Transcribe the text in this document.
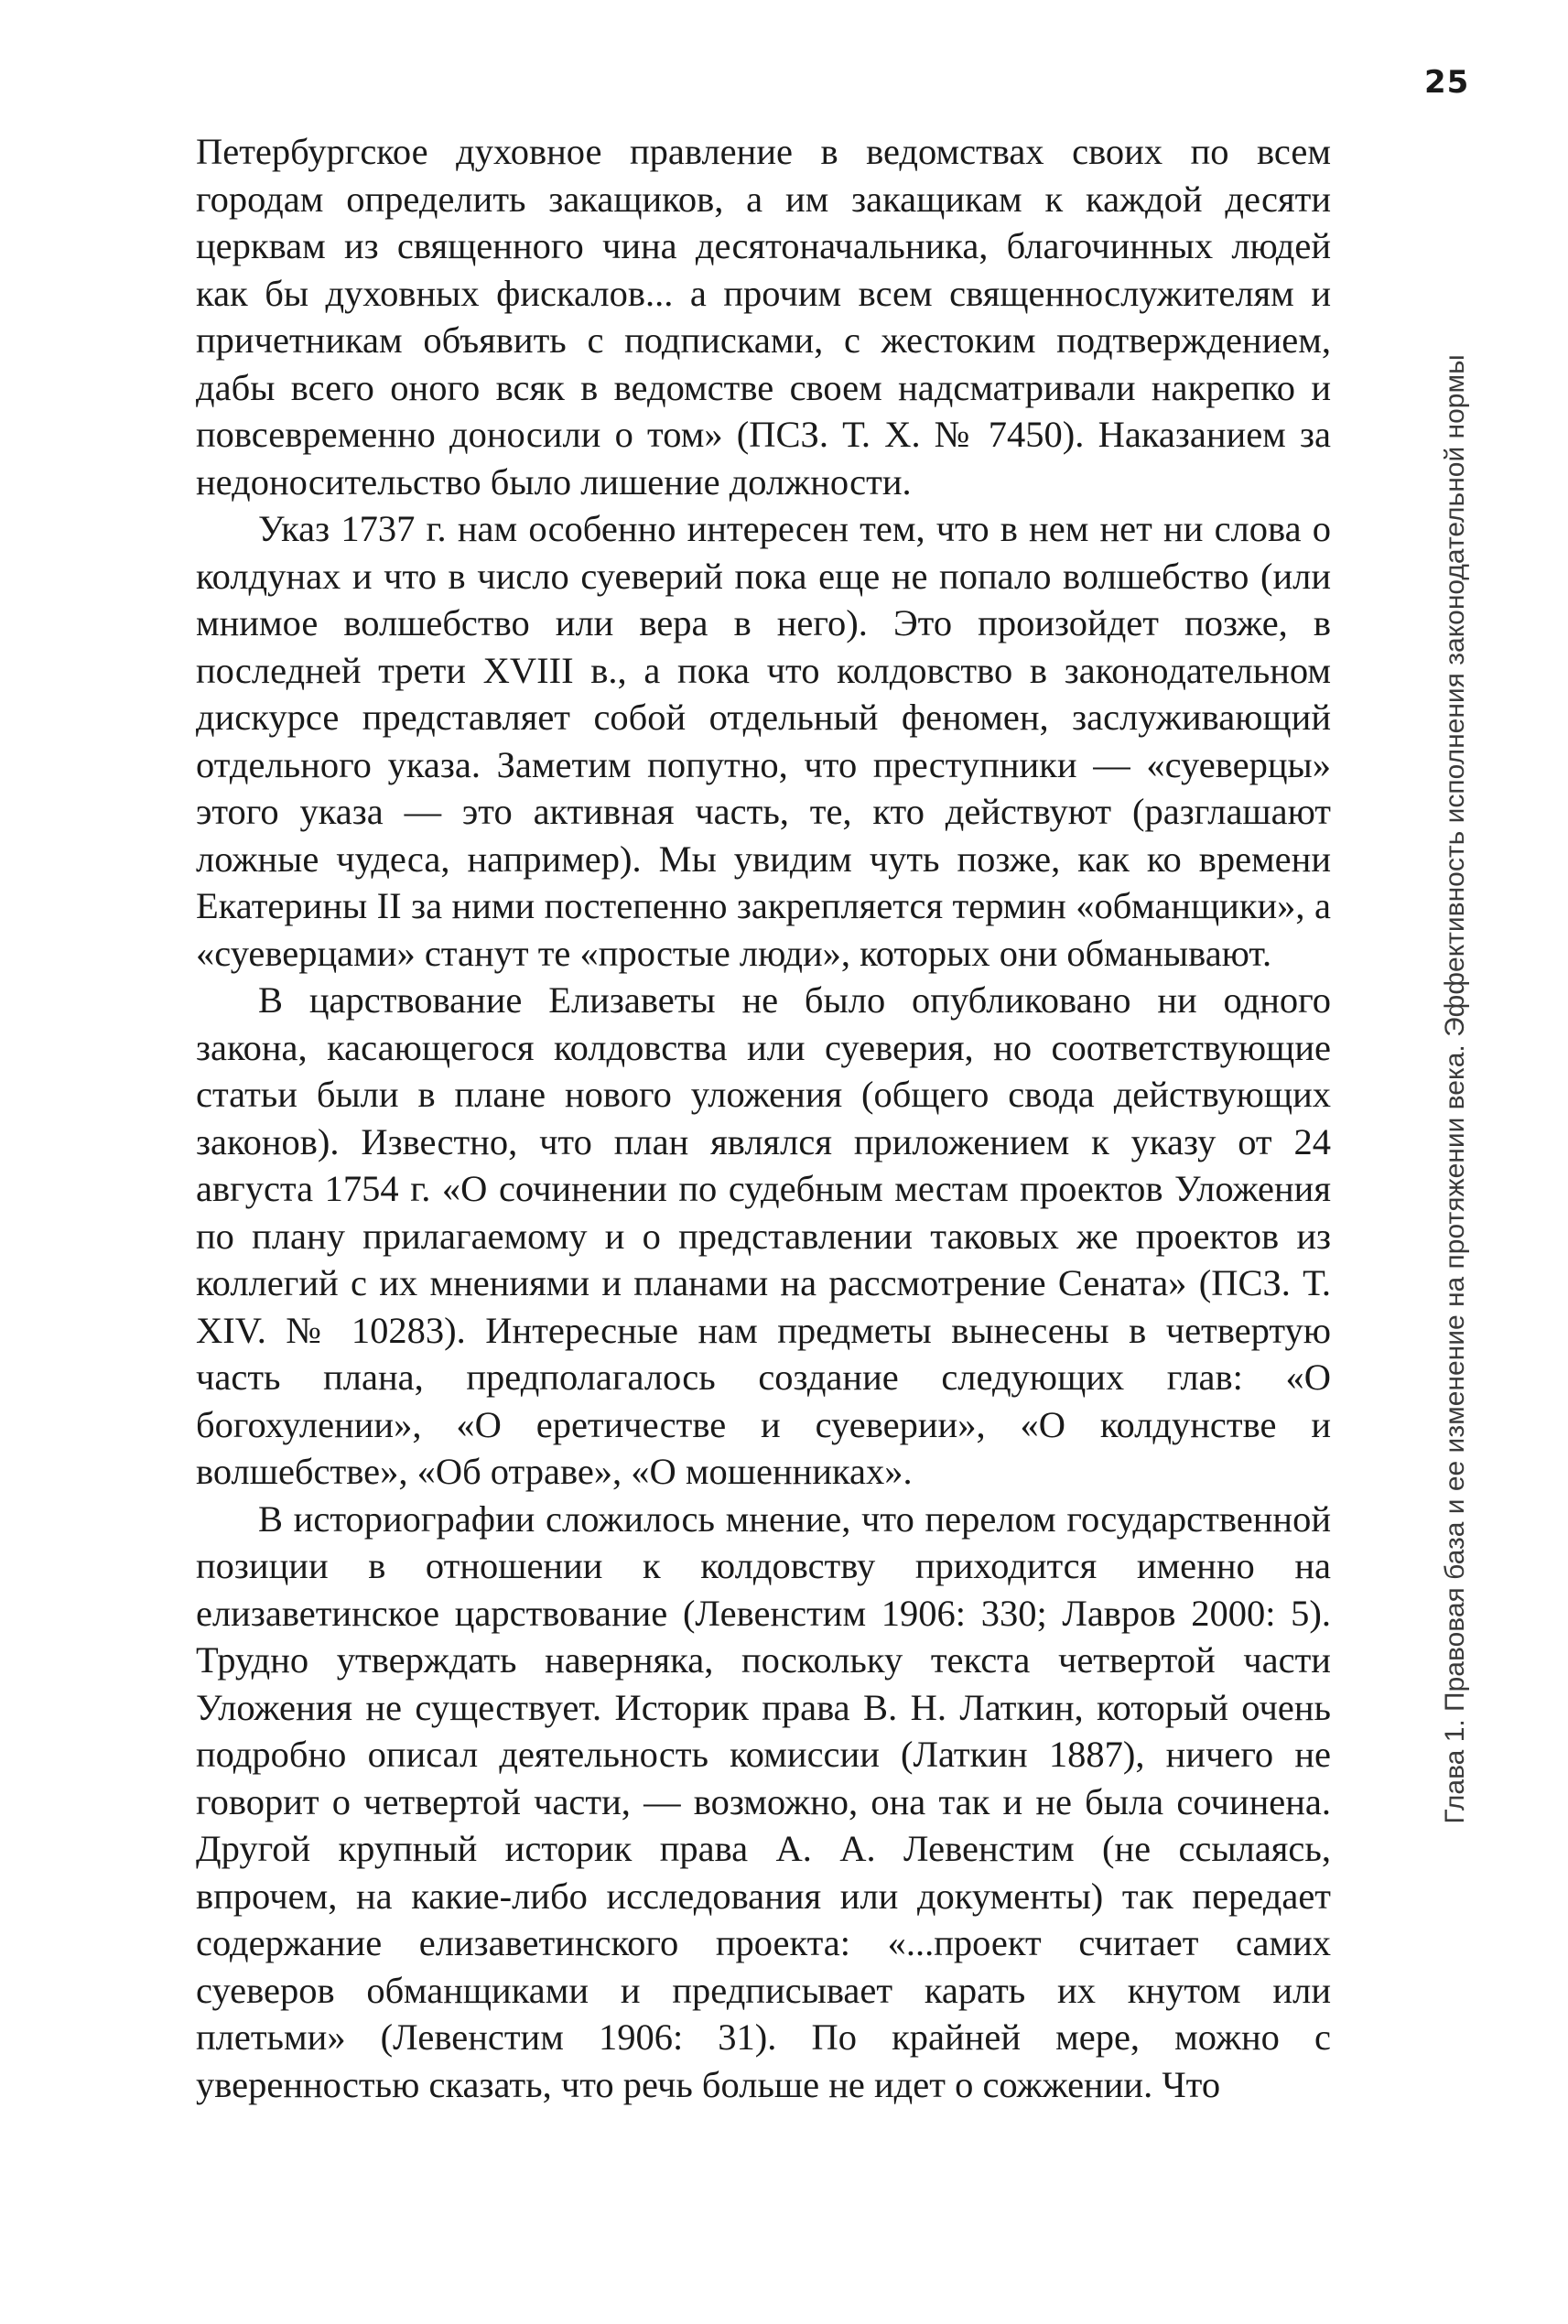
25
Глава 1. Правовая база и ее изменение на протяжении века. Эффективность исполнения законодательной нормы

Петербургское духовное правление в ведомствах своих по всем городам определить закащиков, а им закащикам к каждой десяти церквам из священного чина десятоначальника, благочинных людей как бы духовных фискалов... а прочим всем священнослужителям и причетникам объявить с подписками, с жестоким подтверждением, дабы всего оного всяк в ведомстве своем надсматривали накрепко и повсевременно доносили о том» (ПСЗ. Т. X. № 7450). Наказанием за недоносительство было лишение должности.

Указ 1737 г. нам особенно интересен тем, что в нем нет ни слова о колдунах и что в число суеверий пока еще не попало волшебство (или мнимое волшебство или вера в него). Это произойдет позже, в последней трети XVIII в., а пока что колдовство в законодательном дискурсе представляет собой отдельный феномен, заслуживающий отдельного указа. Заметим попутно, что преступники — «суеверцы» этого указа — это активная часть, те, кто действуют (разглашают ложные чудеса, например). Мы увидим чуть позже, как ко времени Екатерины II за ними постепенно закрепляется термин «обманщики», а «суеверцами» станут те «простые люди», которых они обманывают.

В царствование Елизаветы не было опубликовано ни одного закона, касающегося колдовства или суеверия, но соответствующие статьи были в плане нового уложения (общего свода действующих законов). Известно, что план являлся приложением к указу от 24 августа 1754 г. «О сочинении по судебным местам проектов Уложения по плану прилагаемому и о представлении таковых же проектов из коллегий с их мнениями и планами на рассмотрение Сената» (ПСЗ. Т. XIV. № 10283). Интересные нам предметы вынесены в четвертую часть плана, предполагалось создание следующих глав: «О богохулении», «О еретичестве и суеверии», «О колдунстве и волшебстве», «Об отраве», «О мошенниках».

В историографии сложилось мнение, что перелом государственной позиции в отношении к колдовству приходится именно на елизаветинское царствование (Левенстим 1906: 330; Лавров 2000: 5). Трудно утверждать наверняка, поскольку текста четвертой части Уложения не существует. Историк права В. Н. Латкин, который очень подробно описал деятельность комиссии (Латкин 1887), ничего не говорит о четвертой части, — возможно, она так и не была сочинена. Другой крупный историк права А. А. Левенстим (не ссылаясь, впрочем, на какие-либо исследования или документы) так передает содержание елизаветинского проекта: «...проект считает самих суеверов обманщиками и предписывает карать их кнутом или плетьми» (Левенстим 1906: 31). По крайней мере, можно с уверенностью сказать, что речь больше не идет о сожжении. Что
